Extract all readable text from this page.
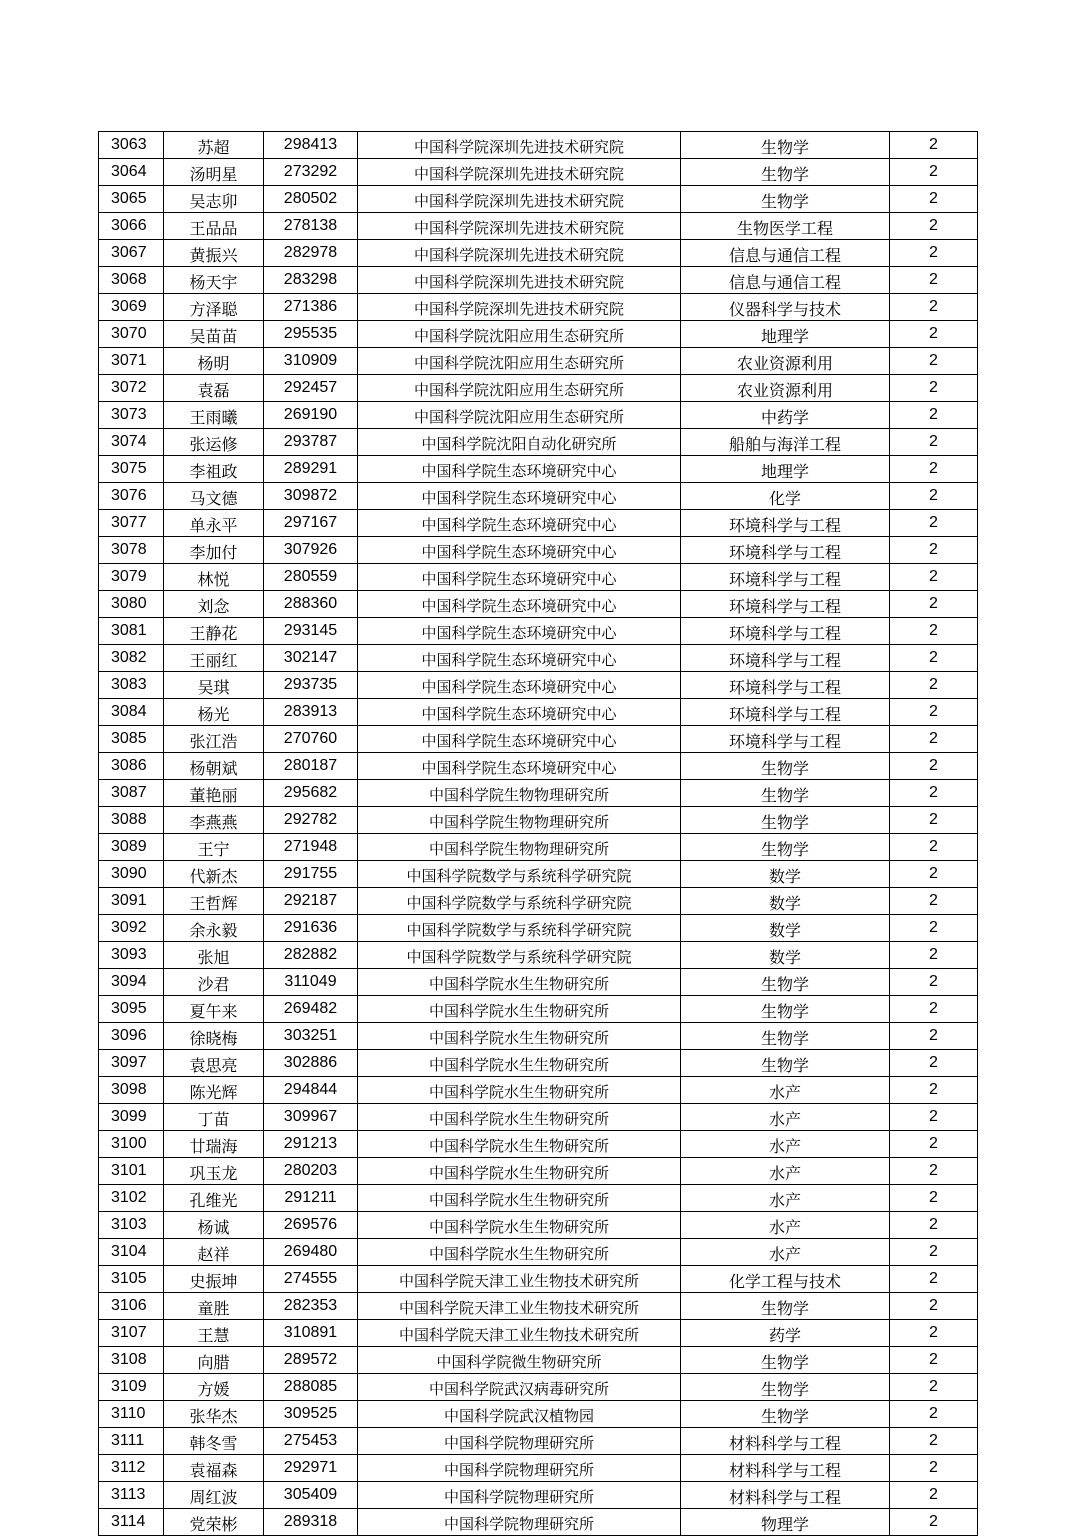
3063	苏超	298413	中国科学院深圳先进技术研究院	生物学	2
3064	汤明星	273292	中国科学院深圳先进技术研究院	生物学	2
3065	吴志卯	280502	中国科学院深圳先进技术研究院	生物学	2
3066	王品品	278138	中国科学院深圳先进技术研究院	生物医学工程	2
3067	黄振兴	282978	中国科学院深圳先进技术研究院	信息与通信工程	2
3068	杨天宇	283298	中国科学院深圳先进技术研究院	信息与通信工程	2
3069	方泽聪	271386	中国科学院深圳先进技术研究院	仪器科学与技术	2
3070	吴苗苗	295535	中国科学院沈阳应用生态研究所	地理学	2
3071	杨明	310909	中国科学院沈阳应用生态研究所	农业资源利用	2
3072	袁磊	292457	中国科学院沈阳应用生态研究所	农业资源利用	2
3073	王雨曦	269190	中国科学院沈阳应用生态研究所	中药学	2
3074	张运修	293787	中国科学院沈阳自动化研究所	船舶与海洋工程	2
3075	李祖政	289291	中国科学院生态环境研究中心	地理学	2
3076	马文德	309872	中国科学院生态环境研究中心	化学	2
3077	单永平	297167	中国科学院生态环境研究中心	环境科学与工程	2
3078	李加付	307926	中国科学院生态环境研究中心	环境科学与工程	2
3079	林悦	280559	中国科学院生态环境研究中心	环境科学与工程	2
3080	刘念	288360	中国科学院生态环境研究中心	环境科学与工程	2
3081	王静花	293145	中国科学院生态环境研究中心	环境科学与工程	2
3082	王丽红	302147	中国科学院生态环境研究中心	环境科学与工程	2
3083	吴琪	293735	中国科学院生态环境研究中心	环境科学与工程	2
3084	杨光	283913	中国科学院生态环境研究中心	环境科学与工程	2
3085	张江浩	270760	中国科学院生态环境研究中心	环境科学与工程	2
3086	杨朝斌	280187	中国科学院生态环境研究中心	生物学	2
3087	董艳丽	295682	中国科学院生物物理研究所	生物学	2
3088	李燕燕	292782	中国科学院生物物理研究所	生物学	2
3089	王宁	271948	中国科学院生物物理研究所	生物学	2
3090	代新杰	291755	中国科学院数学与系统科学研究院	数学	2
3091	王哲辉	292187	中国科学院数学与系统科学研究院	数学	2
3092	余永毅	291636	中国科学院数学与系统科学研究院	数学	2
3093	张旭	282882	中国科学院数学与系统科学研究院	数学	2
3094	沙君	311049	中国科学院水生生物研究所	生物学	2
3095	夏午来	269482	中国科学院水生生物研究所	生物学	2
3096	徐晓梅	303251	中国科学院水生生物研究所	生物学	2
3097	袁思亮	302886	中国科学院水生生物研究所	生物学	2
3098	陈光辉	294844	中国科学院水生生物研究所	水产	2
3099	丁苗	309967	中国科学院水生生物研究所	水产	2
3100	廿瑞海	291213	中国科学院水生生物研究所	水产	2
3101	巩玉龙	280203	中国科学院水生生物研究所	水产	2
3102	孔维光	291211	中国科学院水生生物研究所	水产	2
3103	杨诚	269576	中国科学院水生生物研究所	水产	2
3104	赵祥	269480	中国科学院水生生物研究所	水产	2
3105	史振坤	274555	中国科学院天津工业生物技术研究所	化学工程与技术	2
3106	童胜	282353	中国科学院天津工业生物技术研究所	生物学	2
3107	王慧	310891	中国科学院天津工业生物技术研究所	药学	2
3108	向腊	289572	中国科学院微生物研究所	生物学	2
3109	方媛	288085	中国科学院武汉病毒研究所	生物学	2
3110	张华杰	309525	中国科学院武汉植物园	生物学	2
3111	韩冬雪	275453	中国科学院物理研究所	材料科学与工程	2
3112	袁福森	292971	中国科学院物理研究所	材料科学与工程	2
3113	周红波	305409	中国科学院物理研究所	材料科学与工程	2
3114	党荣彬	289318	中国科学院物理研究所	物理学	2
